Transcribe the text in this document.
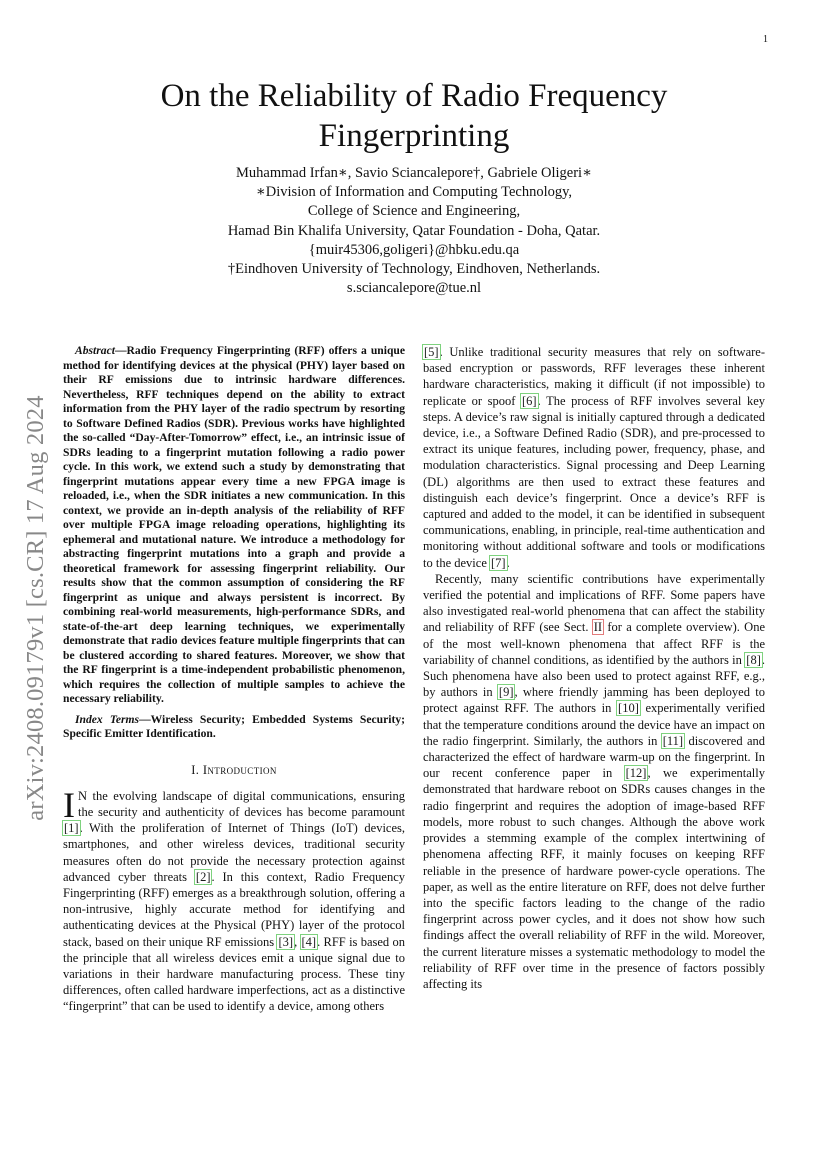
1
arXiv:2408.09179v1 [cs.CR] 17 Aug 2024
On the Reliability of Radio Frequency Fingerprinting
Muhammad Irfan∗, Savio Sciancalepore†, Gabriele Oligeri∗
∗Division of Information and Computing Technology,
College of Science and Engineering,
Hamad Bin Khalifa University, Qatar Foundation - Doha, Qatar.
{muir45306,goligeri}@hbku.edu.qa
†Eindhoven University of Technology, Eindhoven, Netherlands.
s.sciancalepore@tue.nl

Abstract—Radio Frequency Fingerprinting (RFF) offers a unique method for identifying devices at the physical (PHY) layer based on their RF emissions due to intrinsic hardware differences. Nevertheless, RFF techniques depend on the ability to extract information from the PHY layer of the radio spectrum by resorting to Software Defined Radios (SDR). Previous works have highlighted the so-called “Day-After-Tomorrow” effect, i.e., an intrinsic issue of SDRs leading to a fingerprint mutation following a radio power cycle. In this work, we extend such a study by demonstrating that fingerprint mutations appear every time a new FPGA image is reloaded, i.e., when the SDR initiates a new communication. In this context, we provide an in-depth analysis of the reliability of RFF over multiple FPGA image reloading operations, highlighting its ephemeral and mutational nature. We introduce a methodology for abstracting fingerprint mutations into a graph and provide a theoretical framework for assessing fingerprint reliability. Our results show that the common assumption of considering the RF fingerprint as unique and always persistent is incorrect. By combining real-world measurements, high-performance SDRs, and state-of-the-art deep learning techniques, we experimentally demonstrate that radio devices feature multiple fingerprints that can be clustered according to shared features. Moreover, we show that the RF fingerprint is a time-independent probabilistic phenomenon, which requires the collection of multiple samples to achieve the necessary reliability.

Index Terms—Wireless Security; Embedded Systems Security; Specific Emitter Identification.

I. Introduction

I N the evolving landscape of digital communications, ensuring the security and authenticity of devices has become paramount [1]. With the proliferation of Internet of Things (IoT) devices, smartphones, and other wireless devices, traditional security measures often do not provide the necessary protection against advanced cyber threats [2]. In this context, Radio Frequency Fingerprinting (RFF) emerges as a breakthrough solution, offering a non-intrusive, highly accurate method for identifying and authenticating devices at the Physical (PHY) layer of the protocol stack, based on their unique RF emissions [3], [4]. RFF is based on the principle that all wireless devices emit a unique signal due to variations in their hardware manufacturing process. These tiny differences, often called hardware imperfections, act as a distinctive “fingerprint” that can be used to identify a device, among others

[5]. Unlike traditional security measures that rely on software-based encryption or passwords, RFF leverages these inherent hardware characteristics, making it difficult (if not impossible) to replicate or spoof [6]. The process of RFF involves several key steps. A device’s raw signal is initially captured through a dedicated device, i.e., a Software Defined Radio (SDR), and pre-processed to extract its unique features, including power, frequency, phase, and modulation characteristics. Signal processing and Deep Learning (DL) algorithms are then used to extract these features and distinguish each device’s fingerprint. Once a device’s RFF is captured and added to the model, it can be identified in subsequent communications, enabling, in principle, real-time authentication and monitoring without additional software and tools or modifications to the device [7].

Recently, many scientific contributions have experimentally verified the potential and implications of RFF. Some papers have also investigated real-world phenomena that can affect the stability and reliability of RFF (see Sect. II for a complete overview). One of the most well-known phenomena that affect RFF is the variability of channel conditions, as identified by the authors in [8]. Such phenomena have also been used to protect against RFF, e.g., by authors in [9], where friendly jamming has been deployed to protect against RFF. The authors in [10] experimentally verified that the temperature conditions around the device have an impact on the radio fingerprint. Similarly, the authors in [11] discovered and characterized the effect of hardware warm-up on the fingerprint. In our recent conference paper in [12], we experimentally demonstrated that hardware reboot on SDRs causes changes in the radio fingerprint and requires the adoption of image-based RFF models, more robust to such changes. Although the above work provides a stemming example of the complex intertwining of phenomena affecting RFF, it mainly focuses on keeping RFF reliable in the presence of hardware power-cycle operations. The paper, as well as the entire literature on RFF, does not delve further into the specific factors leading to the change of the radio fingerprint across power cycles, and it does not show how such findings affect the overall reliability of RFF in the wild. Moreover, the current literature misses a systematic methodology to model the reliability of RFF over time in the presence of factors possibly affecting its
